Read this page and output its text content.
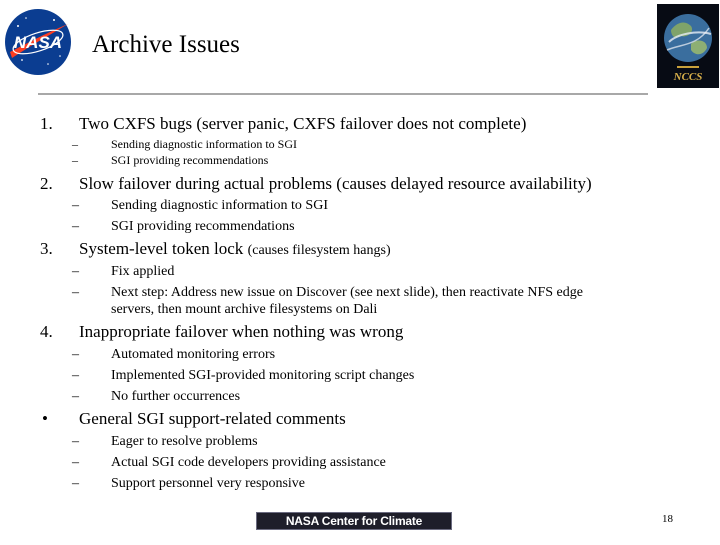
NASA Archive Issues
NCCS
1. Two CXFS bugs (server panic, CXFS failover does not complete)
–	Sending diagnostic information to SGI
–	SGI providing recommendations
2. Slow failover during actual problems (causes delayed resource availability)
– Sending diagnostic information to SGI
– SGI providing recommendations
3. System-level token lock (causes filesystem hangs)
– Fix applied
– Next step: Address new issue on Discover (see next slide), then reactivate NFS edge
servers, then mount archive filesystems on Dali
4. Inappropriate failover when nothing was wrong
– Automated monitoring errors
– Implemented SGI-provided monitoring script changes
– No further occurrences
• General SGI support-related comments
– Eager to resolve problems
– Actual SGI code developers providing assistance
– Support personnel very responsive
NASA Center for Climate Simulation
18
